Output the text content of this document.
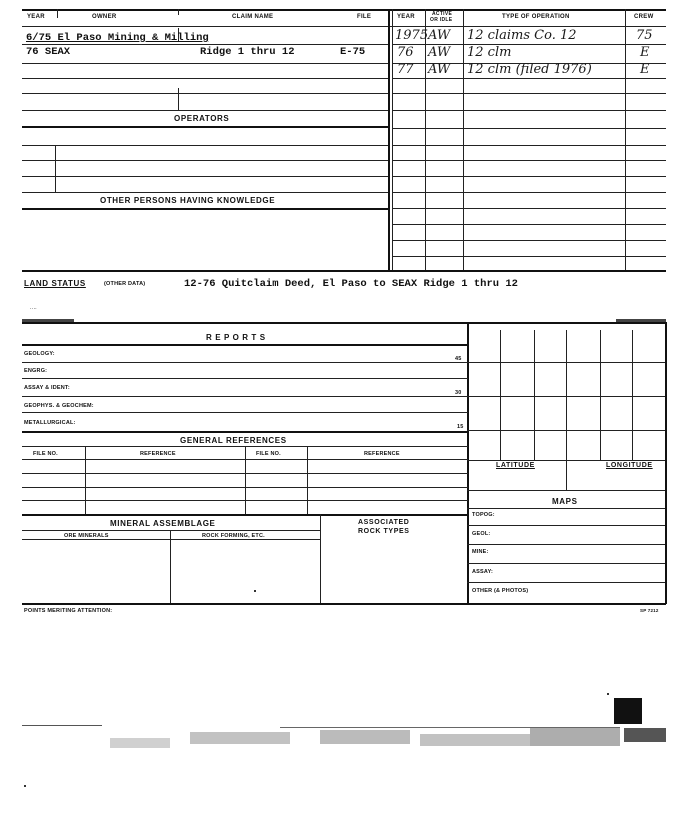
YEAR	OWNER	CLAIM NAME	FILE	YEAR	ACTIVE
OR IDLE	TYPE OF OPERATION	CREW
6/75 El Paso Mining & Milling
76 SEAX	Ridge 1 thru 12	E-75
1975 AW 12 claims Co. 12	75
76 AW 12 clm	E
77 AW 12 clm (filed 1976)	E
OPERATORS
OTHER PERSONS HAVING KNOWLEDGE
LAND STATUS	(OTHER DATA)	12-76 Quitclaim Deed, El Paso to SEAX Ridge 1 thru 12
....
R E P O R T S
GEOLOGY:
45
ENGRG:
ASSAY & IDENT:
30
GEOPHYS. & GEOCHEM:
METALLURGICAL:
15
GENERAL REFERENCES
FILE NO.	REFERENCE	FILE NO.	REFERENCE
MINERAL ASSEMBLAGE	ASSOCIATED
ROCK TYPES
ORE MINERALS	ROCK FORMING, ETC.
LATITUDE	LONGITUDE
MAPS
TOPOG:
GEOL:
MINE:
ASSAY:
OTHER (& PHOTOS)
POINTS MERITING ATTENTION:	SP 7212
